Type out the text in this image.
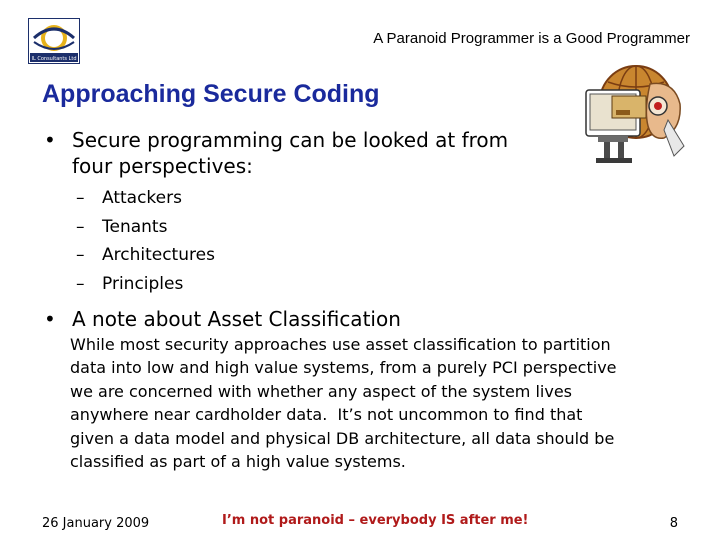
IL Consultants Ltd
A Paranoid Programmer is a Good Programmer
Approaching Secure Coding
• Secure programming can be looked at from
four perspectives:
– Attackers
– Tenants
– Architectures
– Principles
• A note about Asset Classification
While most security approaches use asset classification to partition
data into low and high value systems, from a purely PCI perspective
we are concerned with whether any aspect of the system lives
anywhere near cardholder data.  It’s not uncommon to find that
given a data model and physical DB architecture, all data should be
classified as part of a high value systems.
26 January 2009	I’m not paranoid – everybody IS after me!	8
